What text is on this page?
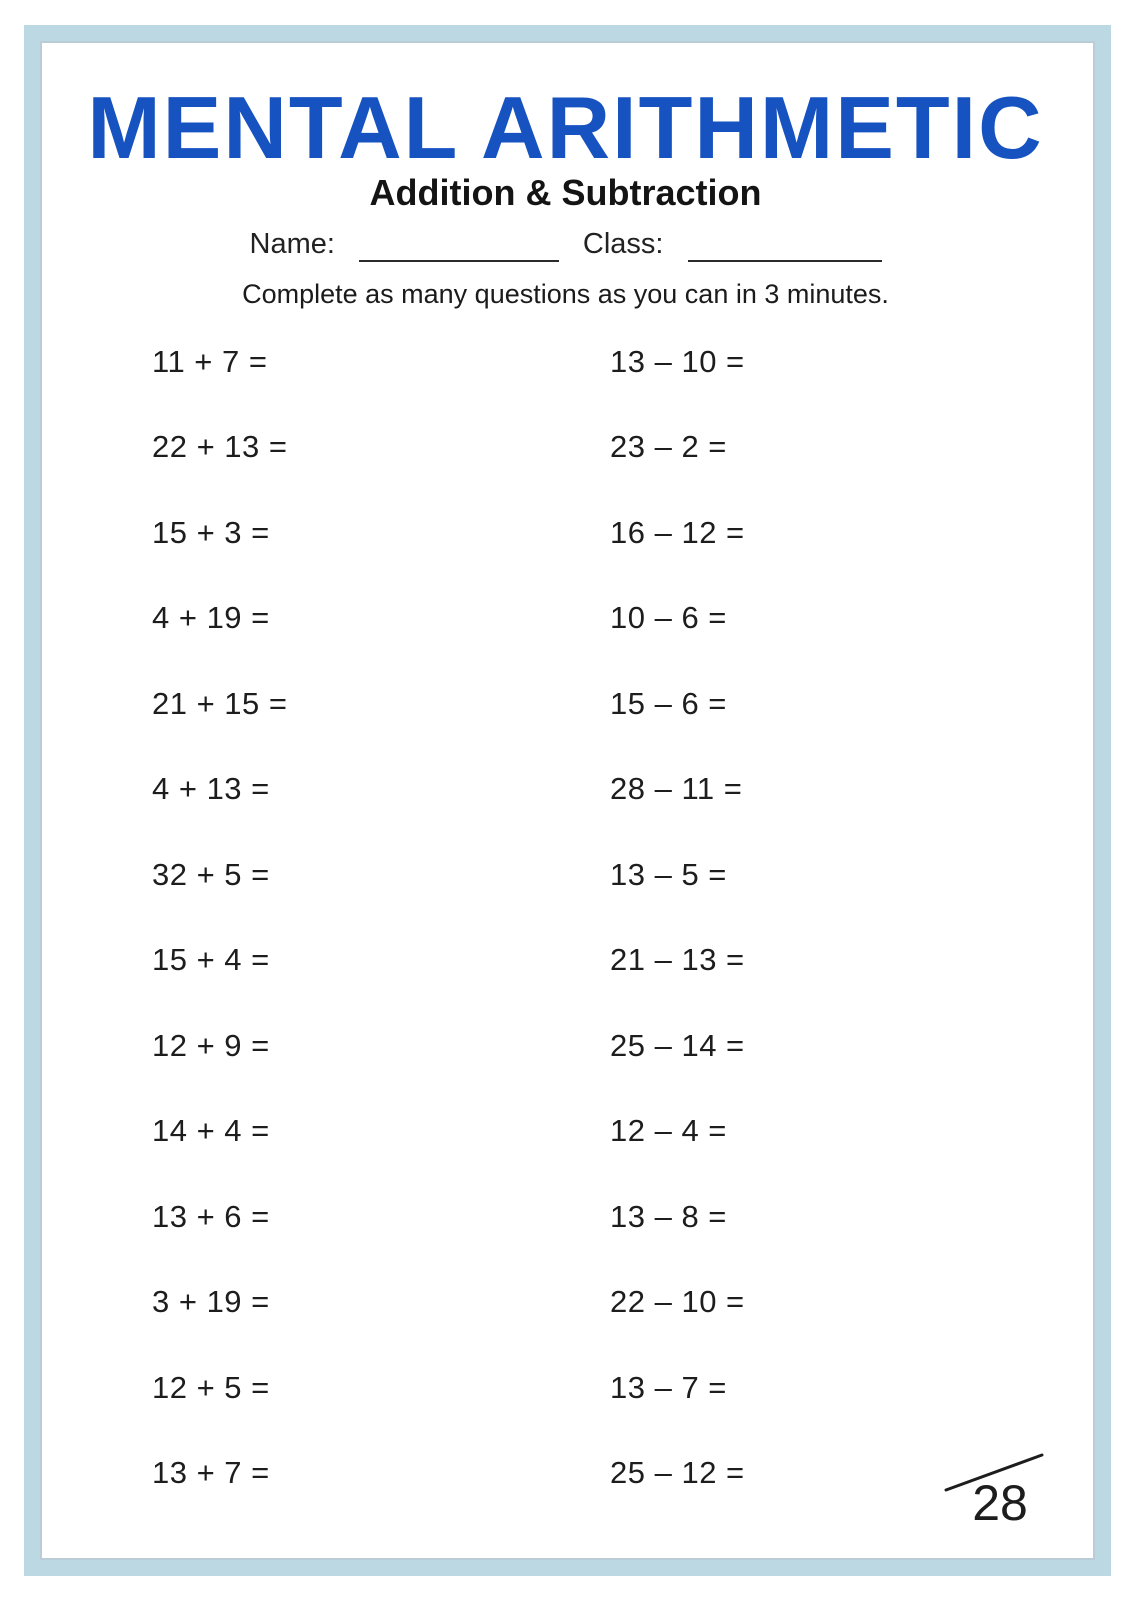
MENTAL ARITHMETIC
Addition & Subtraction
Name:	Class:
Complete as many questions as you can in 3 minutes.
11 + 7 =	13 – 10 =
22 + 13 =	23 – 2 =
15 + 3 =	16 – 12 =
4 + 19 =	10 – 6 =
21 + 15 =	15 – 6 =
4 + 13 =	28 – 11 =
32 + 5 =	13 – 5 =
15 + 4 =	21 – 13 =
12 + 9 =	25 – 14 =
14 + 4 =	12 – 4 =
13 + 6 =	13 – 8 =
3 + 19 =	22 – 10 =
12 + 5 =	13 – 7 =
13 + 7 =	25 – 12 =
28
